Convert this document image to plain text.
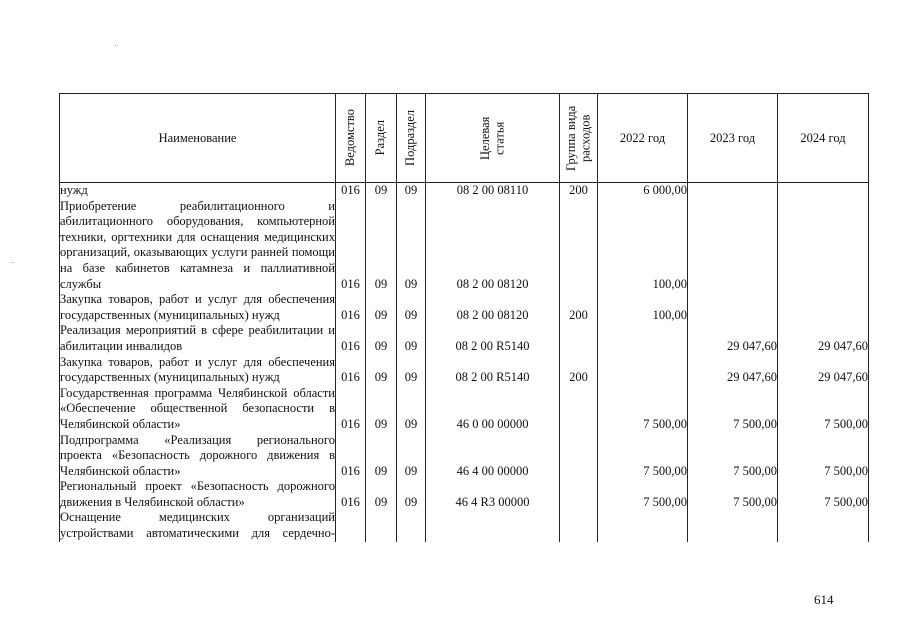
Наименование	Ведомство	Раздел	Подраздел	Целевая статья	Группа вида расходов	2022 год	2023 год	2024 год
нужд	016	09	09	08 2 00 08110	200	6 000,00		
Приобретение реабилитационного и абилитационного оборудования, компьютерной техники, оргтехники для оснащения медицинских организаций, оказывающих услуги ранней помощи на базе кабинетов катамнеза и паллиативной службы	016	09	09	08 2 00 08120		100,00		
Закупка товаров, работ и услуг для обеспечения государственных (муниципальных) нужд	016	09	09	08 2 00 08120	200	100,00		
Реализация мероприятий в сфере реабилитации и абилитации инвалидов	016	09	09	08 2 00 R5140			29 047,60	29 047,60
Закупка товаров, работ и услуг для обеспечения государственных (муниципальных) нужд	016	09	09	08 2 00 R5140	200		29 047,60	29 047,60
Государственная программа Челябинской области «Обеспечение общественной безопасности в Челябинской области»	016	09	09	46 0 00 00000		7 500,00	7 500,00	7 500,00
Подпрограмма «Реализация регионального проекта «Безопасность дорожного движения в Челябинской области»	016	09	09	46 4 00 00000		7 500,00	7 500,00	7 500,00
Региональный проект «Безопасность дорожного движения в Челябинской области»	016	09	09	46 4 R3 00000		7 500,00	7 500,00	7 500,00
Оснащение медицинских организаций устройствами автоматическими для сердечно-								
614
